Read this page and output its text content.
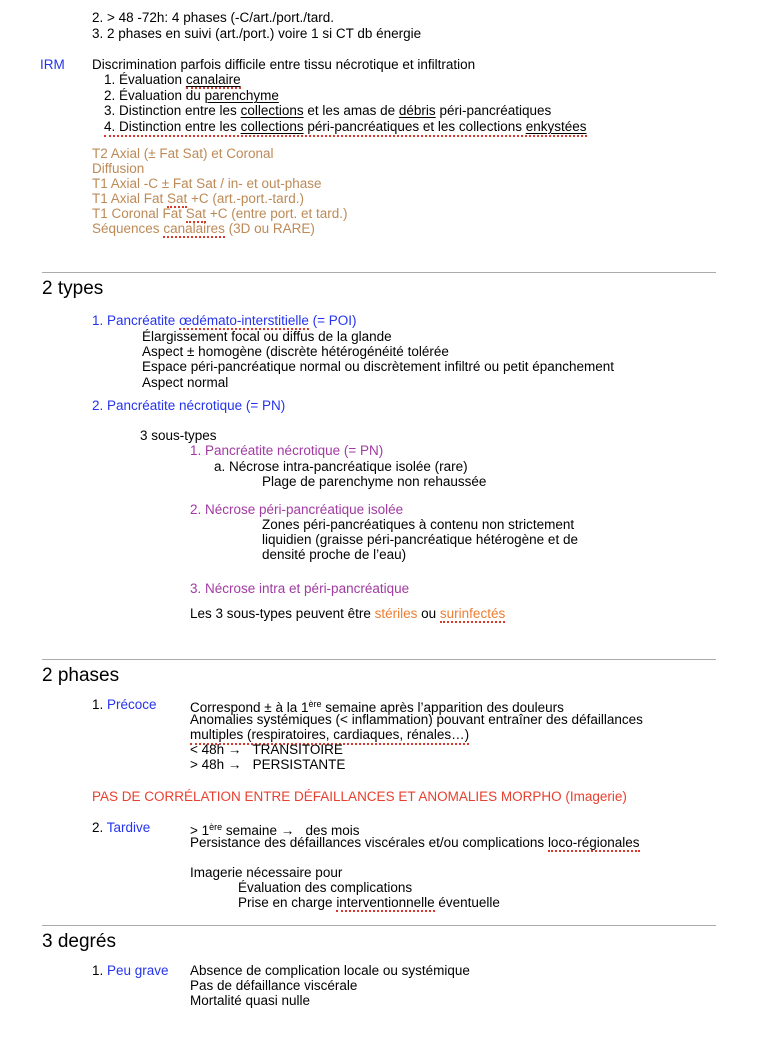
2. > 48 -72h: 4 phases (-C/art./port./tard.
3. 2 phases en suivi (art./port.) voire 1 si CT db énergie
IRM Discrimination parfois difficile entre tissu nécrotique et infiltration
1. Évaluation canalaire
2. Évaluation du parenchyme
3. Distinction entre les collections et les amas de débris péri-pancréatiques
4. Distinction entre les collections péri-pancréatiques et les collections enkystées
T2 Axial (± Fat Sat) et Coronal
Diffusion
T1 Axial -C ± Fat Sat / in- et out-phase
T1 Axial Fat Sat +C (art.-port.-tard.)
T1 Coronal Fat Sat +C (entre port. et tard.)
Séquences canalaires (3D ou RARE)
2 types
1. Pancréatite œdémato-interstitielle (= POI)
Élargissement focal ou diffus de la glande
Aspect ± homogène (discrète hétérogénéité tolérée
Espace péri-pancréatique normal ou discrètement infiltré ou petit épanchement
Aspect normal
2. Pancréatite nécrotique (= PN)
3 sous-types
1. Pancréatite nécrotique (= PN)
a. Nécrose intra-pancréatique isolée (rare)
Plage de parenchyme non rehaussée
2. Nécrose péri-pancréatique isolée
Zones péri-pancréatiques à contenu non strictement
liquidien (graisse péri-pancréatique hétérogène et de
densité proche de l’eau)
3. Nécrose intra et péri-pancréatique
Les 3 sous-types peuvent être stériles ou surinfectés
2 phases
1. Précoce Correspond ± à la 1ère semaine après l’apparition des douleurs
Anomalies systémiques (< inflammation) pouvant entraîner des défaillances
multiples (respiratoires, cardiaques, rénales…)
< 48h →   TRANSITOIRE
> 48h →   PERSISTANTE
PAS DE CORRÉLATION ENTRE DÉFAILLANCES ET ANOMALIES MORPHO (Imagerie)
2. Tardive	> 1ère semaine →   des mois
Persistance des défaillances viscérales et/ou complications loco-régionales
Imagerie nécessaire pour
Évaluation des complications
Prise en charge interventionnelle éventuelle
3 degrés
1. Peu grave Absence de complication locale ou systémique
Pas de défaillance viscérale
Mortalité quasi nulle
